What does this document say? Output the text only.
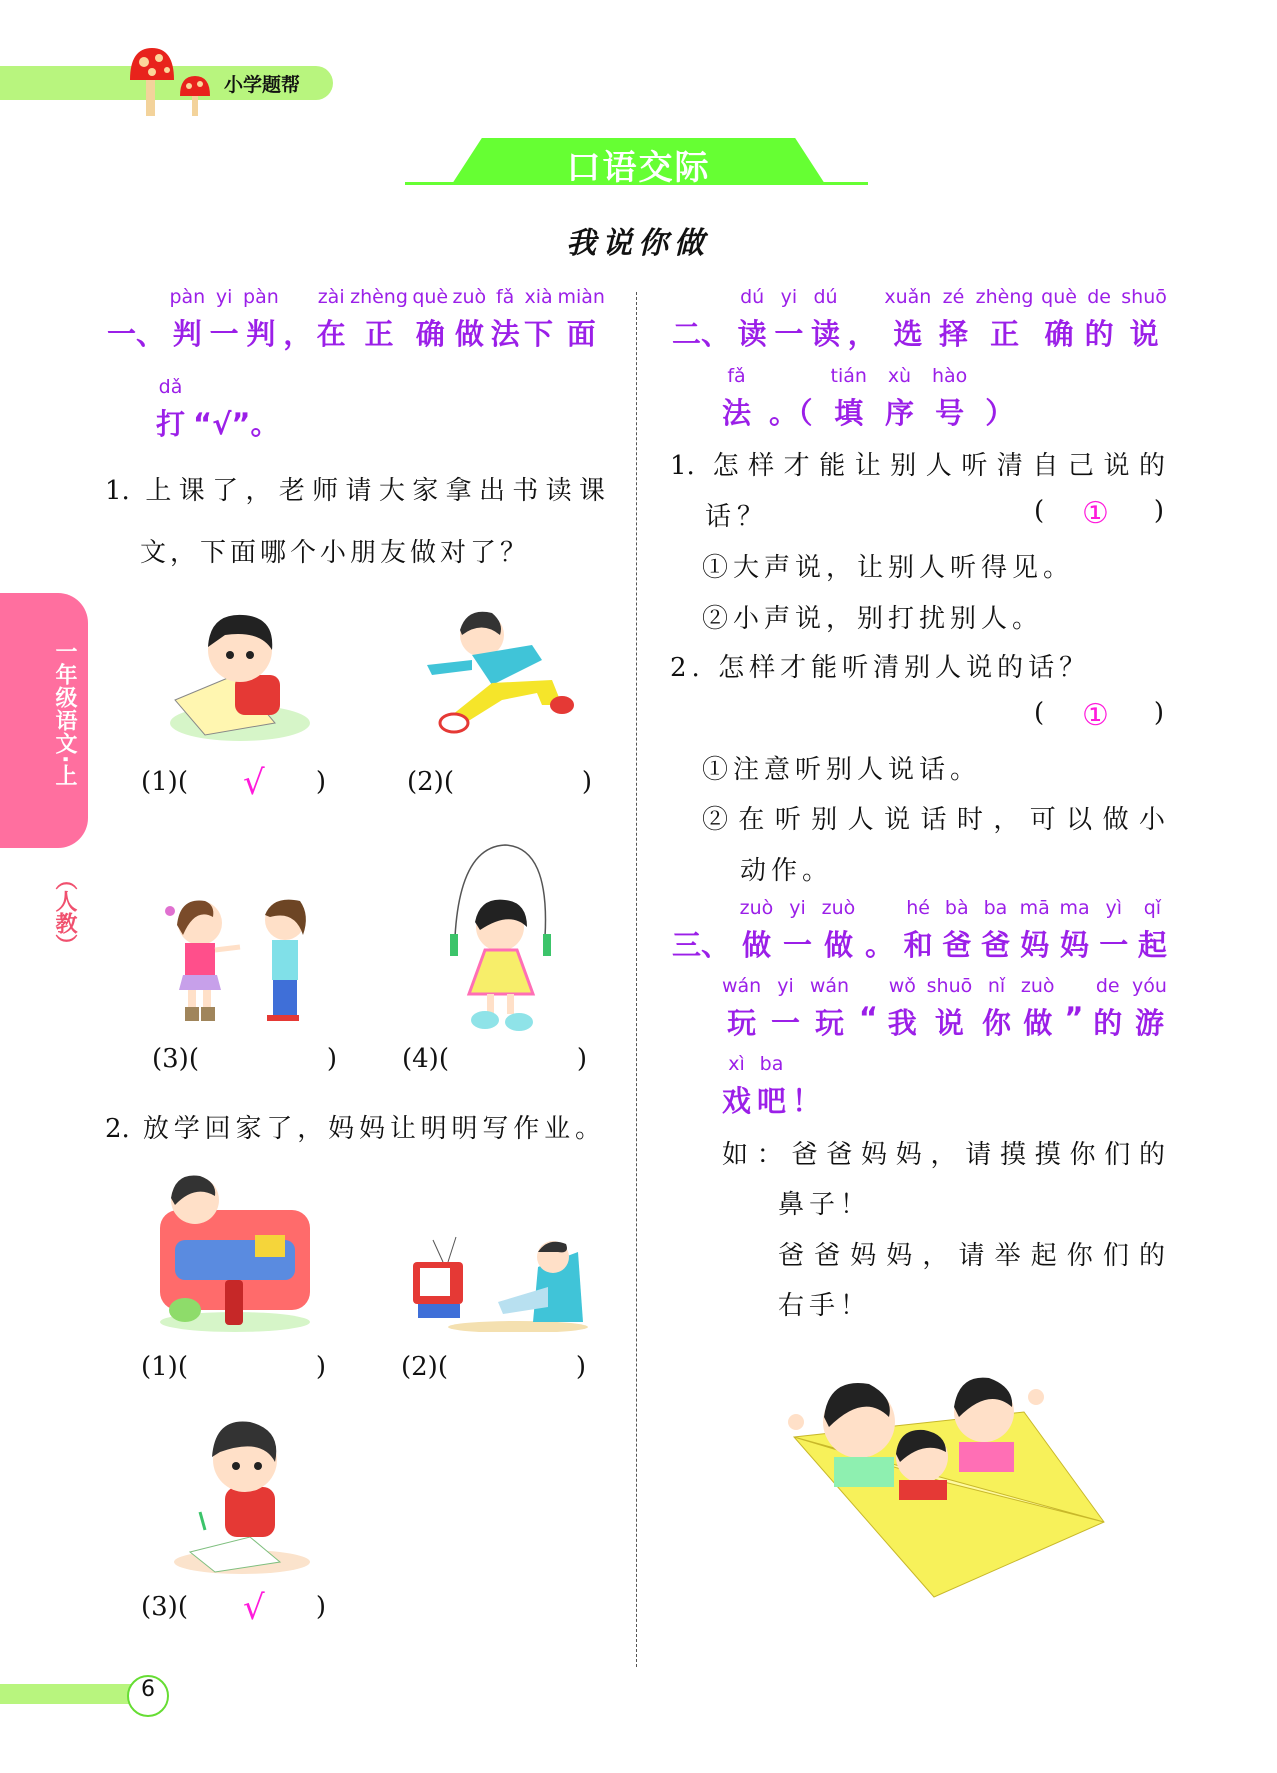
小学题帮
口语交际
我说你做
一年级语文·上
（人教）
一、
pàn
判
yi
一
pàn
判 ，
zài
在
zhèng
正
què
确
zuò
做
fǎ
法
xià
下
miàn
面
dǎ
打 “√”。
1. 上课了，老师请大家拿出书读课
文，下面哪个小朋友做对了？
(1)( √ )	(2)(	)
(3)(	)	(4)(	)
2. 放学回家了，妈妈让明明写作业。
(1)(	)	(2)(	)
(3)( √ )
二、
dú
读
yi
一
dú
读 ，
xuǎn
选
zé
择
zhèng
正
què
确
de
的
shuō
说
fǎ
法 。（
tián
填
xù
序
hào
号 ）
1. 怎样才能让别人听清自己说的
话？	( ① )
①大声说，让别人听得见。
②小声说，别打扰别人。
2. 怎样才能听清别人说的话？
( ① )
①注意听别人说话。
②在听别人说话时，可以做小
动作。
三、
zuò
做
yi
一
zuò
做 。
hé
和
bà
爸
ba
爸
mā
妈
ma
妈
yì
一
qǐ
起
wán
玩
yi
一
wán
玩 “
wǒ
我
shuō
说
nǐ
你
zuò
做 ”
de
的
yóu
游
xì
戏
ba
吧 ！
如：爸爸妈妈，请摸摸你们的
鼻子！
爸爸妈妈，请举起你们的
右手！
6
